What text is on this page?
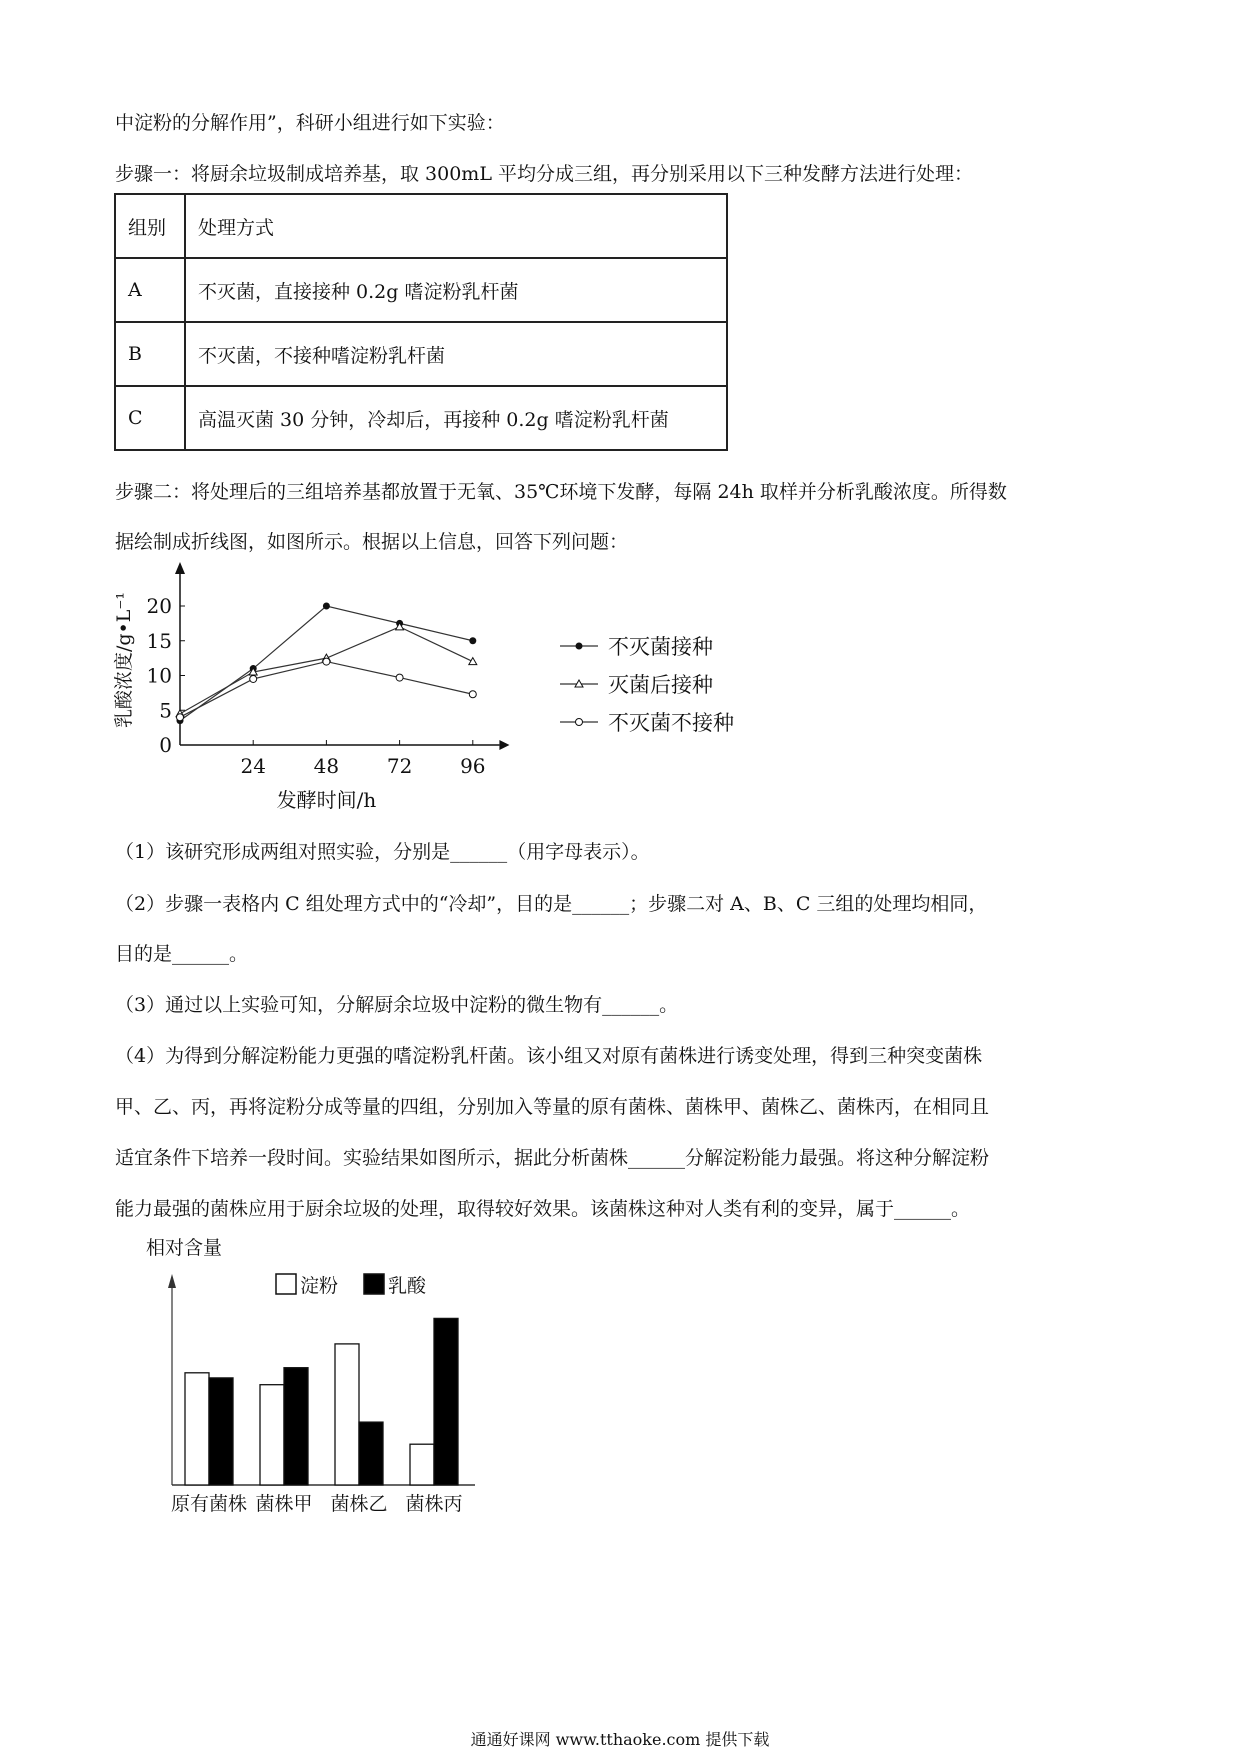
中淀粉的分解作用”，科研小组进行如下实验：
步骤一：将厨余垃圾制成培养基，取 300mL 平均分成三组，再分别采用以下三种发酵方法进行处理：
组别	处理方式
A	不灭菌，直接接种 0.2g 嗜淀粉乳杆菌
B	不灭菌，不接种嗜淀粉乳杆菌
C	高温灭菌 30 分钟，冷却后，再接种 0.2g 嗜淀粉乳杆菌
步骤二：将处理后的三组培养基都放置于无氧、35℃环境下发酵，每隔 24h 取样并分析乳酸浓度。所得数
据绘制成折线图，如图所示。根据以上信息，回答下列问题：
0
5
10
15
20
24 48 72 96
发酵时间/h
乳酸浓度/g•L⁻¹	不灭菌接种
灭菌后接种
不灭菌不接种
（1）该研究形成两组对照实验，分别是______（用字母表示）。
（2）步骤一表格内 C 组处理方式中的“冷却”，目的是______；步骤二对 A、B、C 三组的处理均相同，
目的是______。
（3）通过以上实验可知，分解厨余垃圾中淀粉的微生物有______。
（4）为得到分解淀粉能力更强的嗜淀粉乳杆菌。该小组又对原有菌株进行诱变处理，得到三种突变菌株
甲、乙、丙，再将淀粉分成等量的四组，分别加入等量的原有菌株、菌株甲、菌株乙、菌株丙，在相同且
适宜条件下培养一段时间。实验结果如图所示，据此分析菌株______分解淀粉能力最强。将这种分解淀粉
能力最强的菌株应用于厨余垃圾的处理，取得较好效果。该菌株这种对人类有利的变异，属于______。
相对含量
淀粉	乳酸
原有菌株 菌株甲 菌株乙 菌株丙
通通好课网 www.tthaoke.com 提供下载
